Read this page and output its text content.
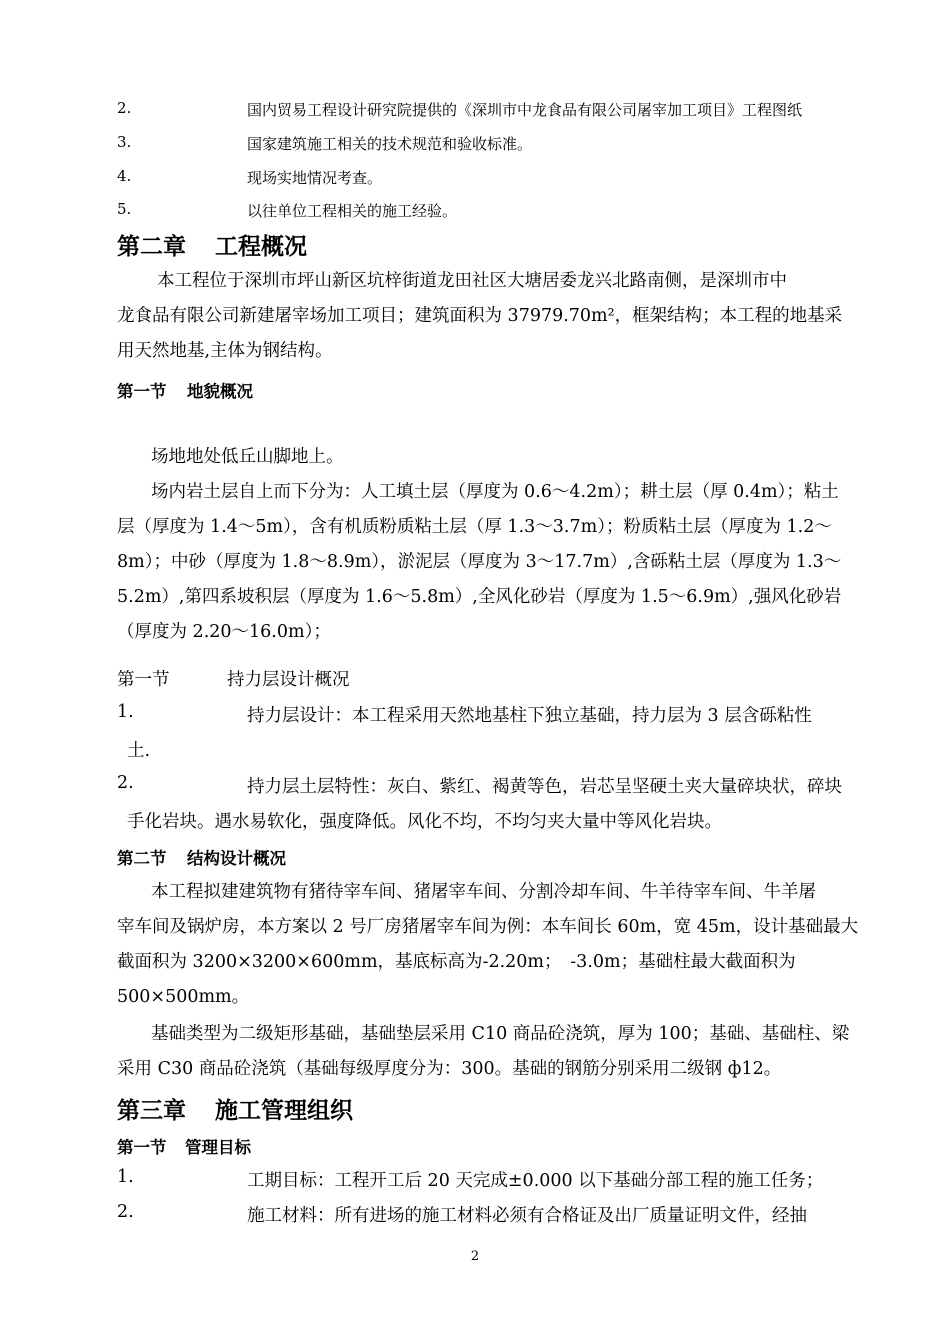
2.	国内贸易工程设计研究院提供的《深圳市中龙食品有限公司屠宰加工项目》工程图纸
3.	国家建筑施工相关的技术规范和验收标准。
4.	现场实地情况考查。
5.	以往单位工程相关的施工经验。
第二章 工程概况
本工程位于深圳市坪山新区坑梓街道龙田社区大塘居委龙兴北路南侧，是深圳市中
龙食品有限公司新建屠宰场加工项目；建筑面积为 37979.70m²，框架结构；本工程的地基采
用天然地基,主体为钢结构。
第一节 地貌概况
场地地处低丘山脚地上。
场内岩土层自上而下分为：人工填土层（厚度为 0.6～4.2m）；耕土层（厚 0.4m）；粘土
层（厚度为 1.4～5m），含有机质粉质粘土层（厚 1.3～3.7m）；粉质粘土层（厚度为 1.2～
8m）；中砂（厚度为 1.8～8.9m），淤泥层（厚度为 3～17.7m）,含砾粘土层（厚度为 1.3～
5.2m）,第四系坡积层（厚度为 1.6～5.8m）,全风化砂岩（厚度为 1.5～6.9m）,强风化砂岩
（厚度为 2.20～16.0m）；
第一节	持力层设计概况
1.	持力层设计：本工程采用天然地基柱下独立基础，持力层为 3 层含砾粘性
土.
2.	持力层土层特性：灰白、紫红、褐黄等色，岩芯呈坚硬土夹大量碎块状，碎块
手化岩块。遇水易软化，强度降低。风化不均，不均匀夹大量中等风化岩块。
第二节 结构设计概况
本工程拟建建筑物有猪待宰车间、猪屠宰车间、分割冷却车间、牛羊待宰车间、牛羊屠
宰车间及锅炉房，本方案以 2 号厂房猪屠宰车间为例：本车间长 60m，宽 45m，设计基础最大
截面积为 3200×3200×600mm，基底标高为-2.20m；　-3.0m；基础柱最大截面积为
500×500mm。
基础类型为二级矩形基础，基础垫层采用 C10 商品砼浇筑，厚为 100；基础、基础柱、梁
采用 C30 商品砼浇筑（基础每级厚度分为：300。基础的钢筋分别采用二级钢 ф12。
第三章 施工管理组织
第一节 管理目标
1.	工期目标：工程开工后 20 天完成±0.000 以下基础分部工程的施工任务；
2.	施工材料：所有进场的施工材料必须有合格证及出厂质量证明文件，经抽
2
